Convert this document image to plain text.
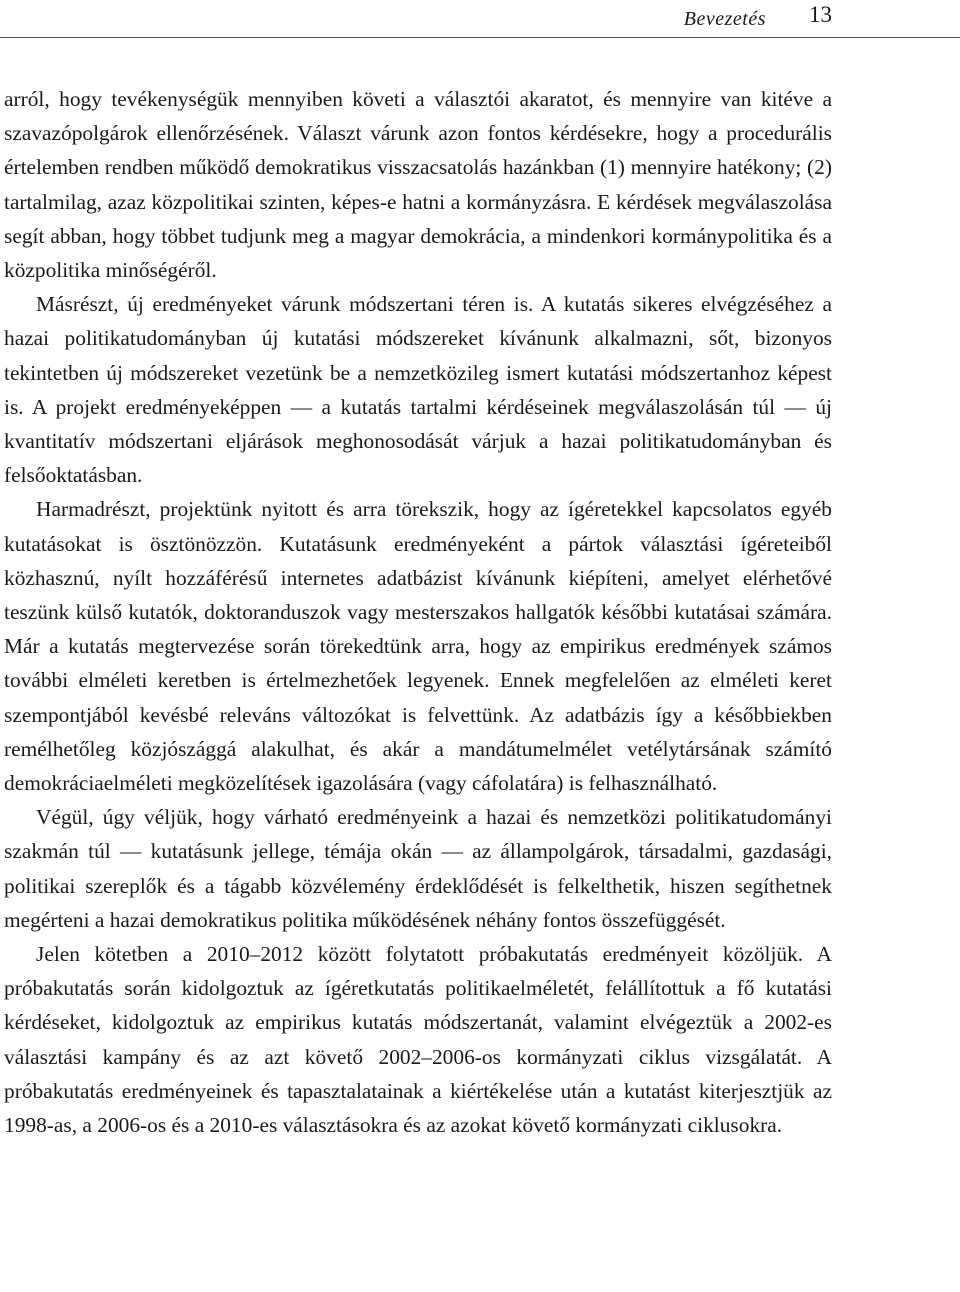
Bevezetés 13

arról, hogy tevékenységük mennyiben követi a választói akaratot, és mennyire van kitéve a szavazópolgárok ellenőrzésének. Választ várunk azon fontos kérdésekre, hogy a procedurális értelemben rendben működő demokratikus visszacsatolás hazánkban (1) mennyire hatékony; (2) tartalmilag, azaz közpolitikai szinten, képes-e hatni a kormányzásra. E kérdések megválaszolása segít abban, hogy többet tudjunk meg a magyar demokrácia, a mindenkori kormánypolitika és a közpolitika minőségéről.

Másrészt, új eredményeket várunk módszertani téren is. A kutatás sikeres elvégzéséhez a hazai politikatudományban új kutatási módszereket kívánunk alkalmazni, sőt, bizonyos tekintetben új módszereket vezetünk be a nemzetközileg ismert kutatási módszertanhoz képest is. A projekt eredményeképpen — a kutatás tartalmi kérdéseinek megválaszolásán túl — új kvantitatív módszertani eljárások meghonosodását várjuk a hazai politikatudományban és felsőoktatásban.

Harmadrészt, projektünk nyitott és arra törekszik, hogy az ígéretekkel kapcsolatos egyéb kutatásokat is ösztönözzön. Kutatásunk eredményeként a pártok választási ígéreteiből közhasznú, nyílt hozzáférésű internetes adatbázist kívánunk kiépíteni, amelyet elérhetővé teszünk külső kutatók, doktoranduszok vagy mesterszakos hallgatók későbbi kutatásai számára. Már a kutatás megtervezése során törekedtünk arra, hogy az empirikus eredmények számos további elméleti keretben is értelmezhetőek legyenek. Ennek megfelelően az elméleti keret szempontjából kevésbé releváns változókat is felvettünk. Az adatbázis így a későbbiekben remélhetőleg közjószággá alakulhat, és akár a mandátumelmélet vetélytársának számító demokráciaelméleti megközelítések igazolására (vagy cáfolatára) is felhasználható.

Végül, úgy véljük, hogy várható eredményeink a hazai és nemzetközi politikatudományi szakmán túl — kutatásunk jellege, témája okán — az állampolgárok, társadalmi, gazdasági, politikai szereplők és a tágabb közvélemény érdeklődését is felkelthetik, hiszen segíthetnek megérteni a hazai demokratikus politika működésének néhány fontos összefüggését.

Jelen kötetben a 2010–2012 között folytatott próbakutatás eredményeit közöljük. A próbakutatás során kidolgoztuk az ígéretkutatás politikaelméletét, felállítottuk a fő kutatási kérdéseket, kidolgoztuk az empirikus kutatás módszertanát, valamint elvégeztük a 2002-es választási kampány és az azt követő 2002–2006-os kormányzati ciklus vizsgálatát. A próbakutatás eredményeinek és tapasztalatainak a kiértékelése után a kutatást kiterjesztjük az 1998-as, a 2006-os és a 2010-es választásokra és az azokat követő kormányzati ciklusokra.
